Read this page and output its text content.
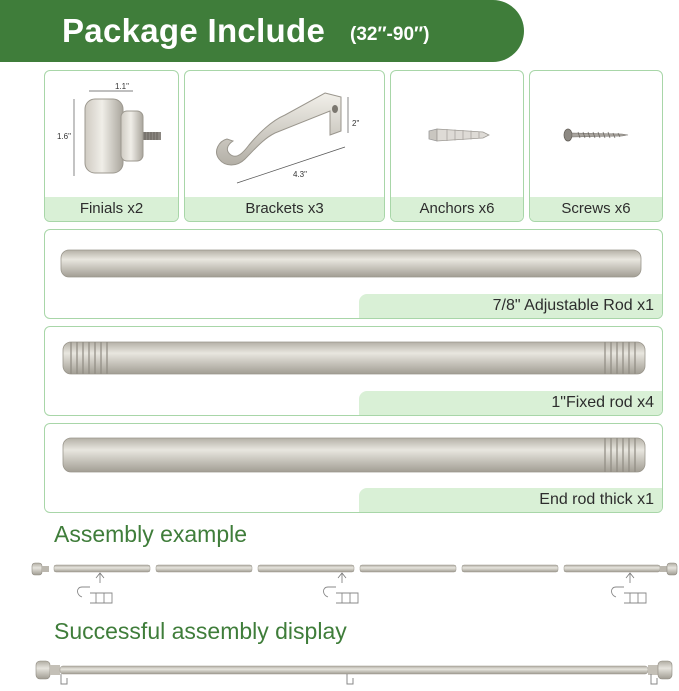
Package Include (32″-90″)
1.1"
1.6"
Finials x2
2"
4.3"
Brackets x3	Anchors x6	Screws x6
7/8" Adjustable Rod x1
1"Fixed rod x4
End rod thick x1
Assembly example
Successful assembly display
